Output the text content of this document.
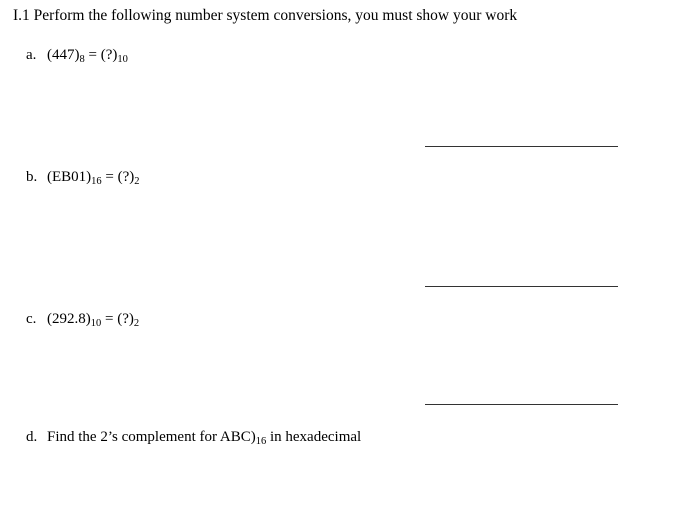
I.1 Perform the following number system conversions, you must show your work
a. $(447)_8$ = $(?)_{10}$
b. $(EB01)_{16}$ = $(?)_2$
c. $(292.8)_{10}$ = $(?)_2$
d. Find the 2’s complement for $ABC)_{16}$ in hexadecimal
